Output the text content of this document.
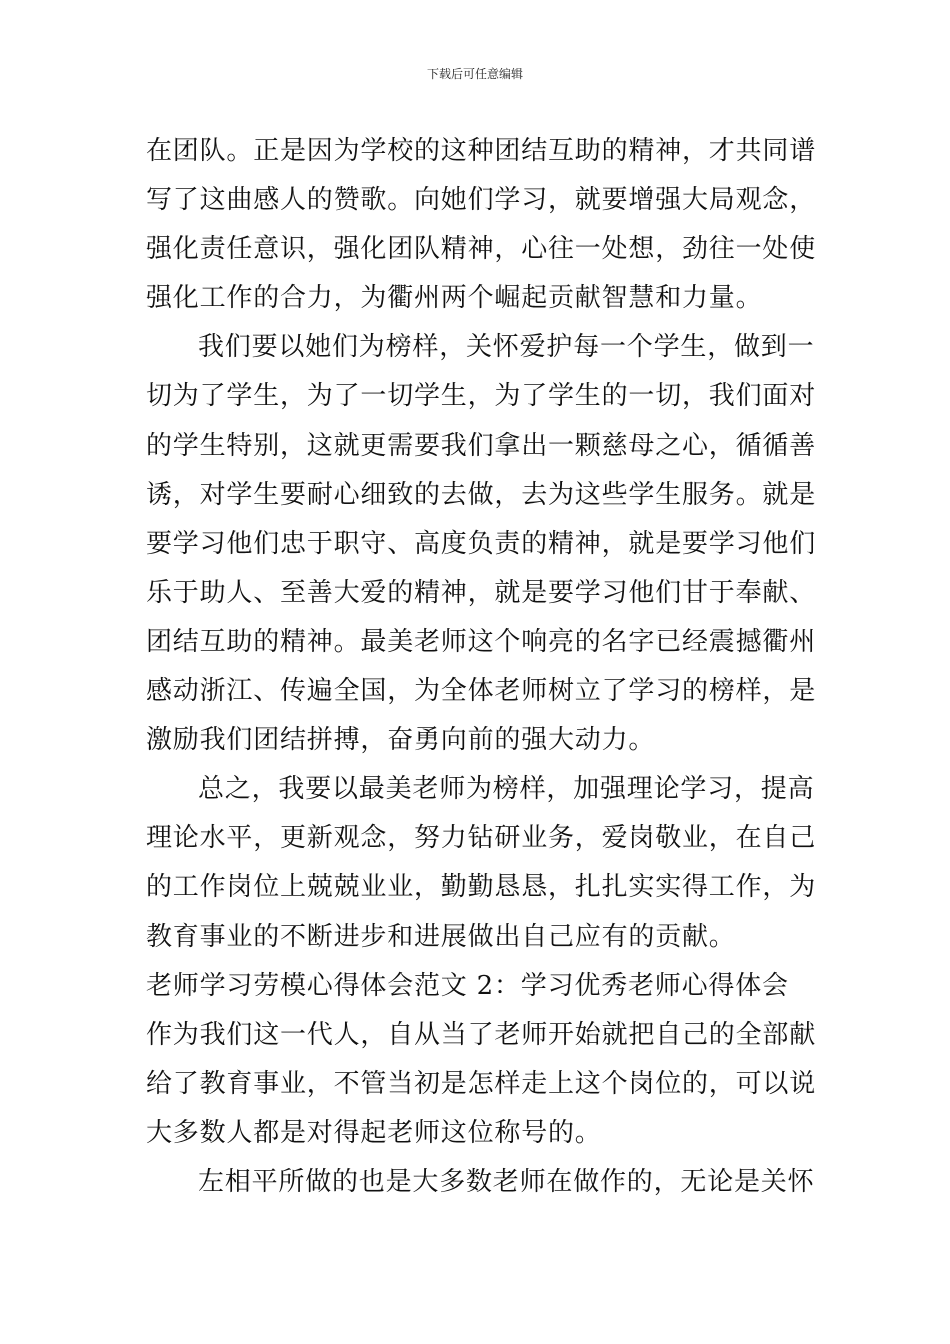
下载后可任意编辑
在团队。正是因为学校的这种团结互助的精神，才共同谱
写了这曲感人的赞歌。向她们学习，就要增强大局观念，
强化责任意识，强化团队精神，心往一处想，劲往一处使
强化工作的合力，为衢州两个崛起贡献智慧和力量。
我们要以她们为榜样，关怀爱护每一个学生，做到一
切为了学生，为了一切学生，为了学生的一切，我们面对
的学生特别，这就更需要我们拿出一颗慈母之心，循循善
诱，对学生要耐心细致的去做，去为这些学生服务。就是
要学习他们忠于职守、高度负责的精神，就是要学习他们
乐于助人、至善大爱的精神，就是要学习他们甘于奉献、
团结互助的精神。最美老师这个响亮的名字已经震撼衢州
感动浙江、传遍全国，为全体老师树立了学习的榜样，是
激励我们团结拼搏，奋勇向前的强大动力。
总之，我要以最美老师为榜样，加强理论学习，提高
理论水平，更新观念，努力钻研业务，爱岗敬业，在自己
的工作岗位上兢兢业业，勤勤恳恳，扎扎实实得工作，为
教育事业的不断进步和进展做出自己应有的贡献。
老师学习劳模心得体会范文 2：学习优秀老师心得体会
作为我们这一代人，自从当了老师开始就把自己的全部献
给了教育事业，不管当初是怎样走上这个岗位的，可以说
大多数人都是对得起老师这位称号的。
左相平所做的也是大多数老师在做作的，无论是关怀
